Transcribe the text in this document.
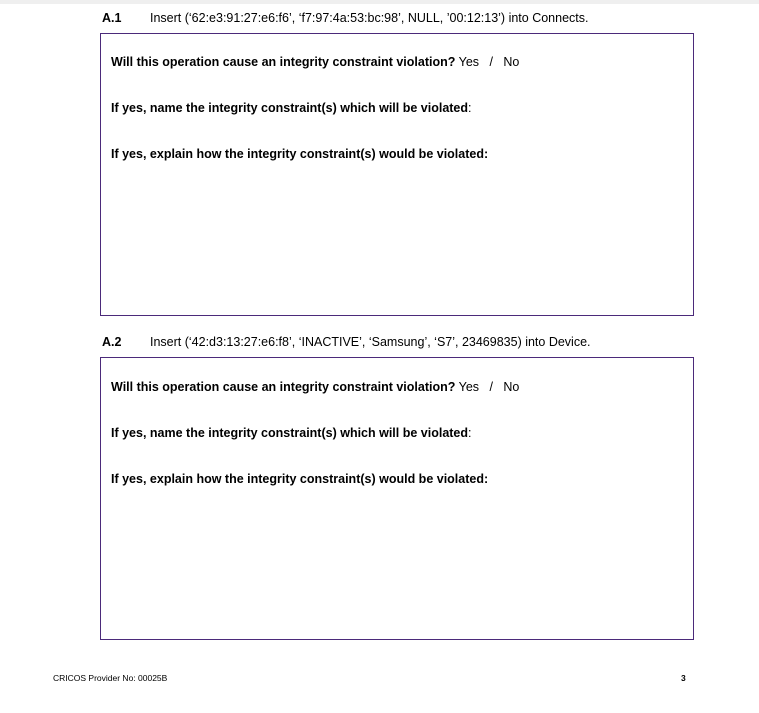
A.1 Insert (‘62:e3:91:27:e6:f6’, ‘f7:97:4a:53:bc:98’, NULL, ’00:12:13’) into Connects.
Will this operation cause an integrity constraint violation? Yes   /   No
If yes, name the integrity constraint(s) which will be violated:
If yes, explain how the integrity constraint(s) would be violated:
A.2 Insert (‘42:d3:13:27:e6:f8’, ‘INACTIVE’, ‘Samsung’, ‘S7’, 23469835) into Device.
Will this operation cause an integrity constraint violation? Yes   /   No
If yes, name the integrity constraint(s) which will be violated:
If yes, explain how the integrity constraint(s) would be violated:
CRICOS Provider No: 00025B	3
